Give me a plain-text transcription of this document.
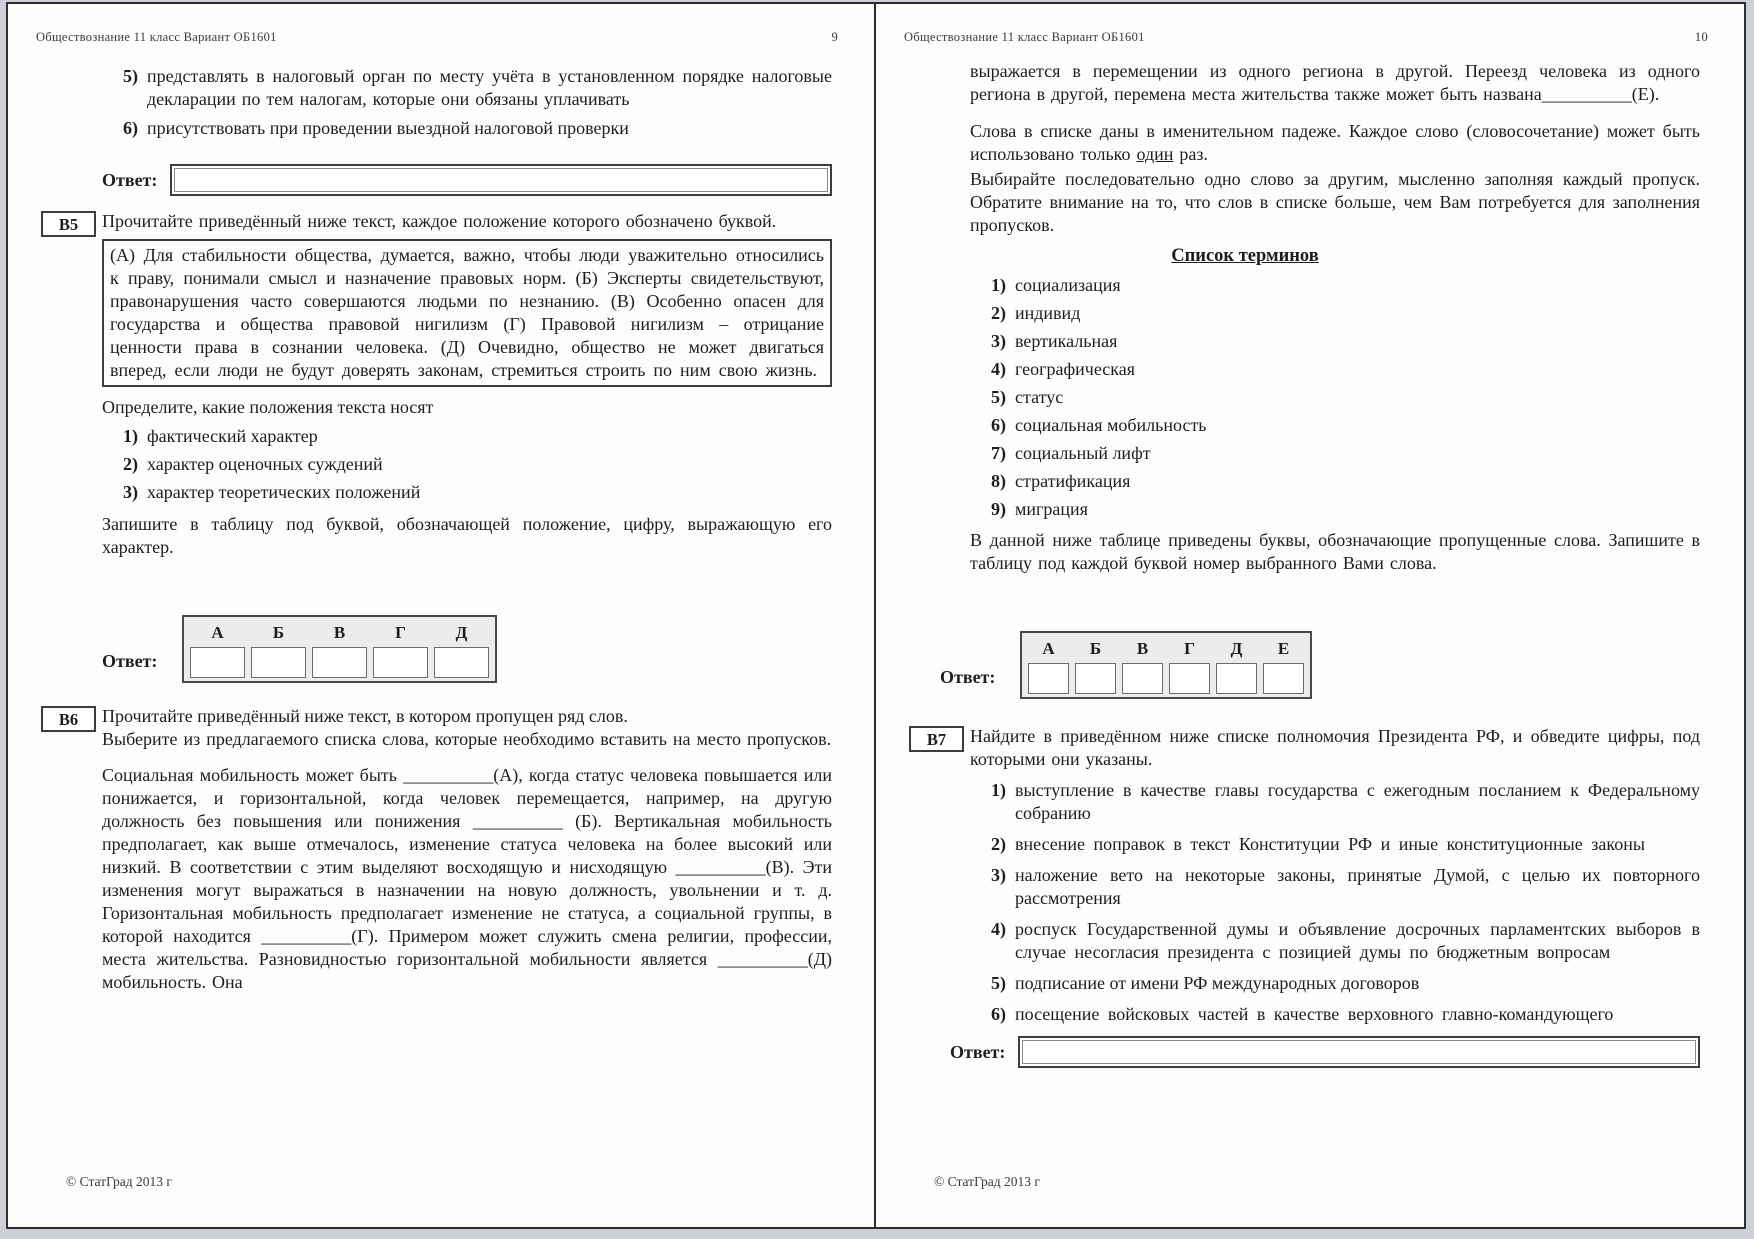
Обществознание 11 класс Вариант ОБ1601	9
5) представлять в налоговый орган по месту учёта в установленном порядке налоговые декларации по тем налогам, которые они обязаны уплачивать
6) присутствовать при проведении выездной налоговой проверки
Ответ:
В5	Прочитайте приведённый ниже текст, каждое положение которого обозначено буквой.
(А) Для стабильности общества, думается, важно, чтобы люди уважительно относились к праву, понимали смысл и назначение правовых норм. (Б) Эксперты свидетельствуют, правонарушения часто совершаются людьми по незнанию. (В) Особенно опасен для государства и общества правовой нигилизм (Г) Правовой нигилизм – отрицание ценности права в сознании человека. (Д) Очевидно, общество не может двигаться вперед, если люди не будут доверять законам, стремиться строить по ним свою жизнь.
Определите, какие положения текста носят
1) фактический характер
2) характер оценочных суждений
3) характер теоретических положений
Запишите в таблицу под буквой, обозначающей положение, цифру, выражающую его характер.
Ответ:
А	Б	В	Г	Д
В6	Прочитайте приведённый ниже текст, в котором пропущен ряд слов.
Выберите из предлагаемого списка слова, которые необходимо вставить на место пропусков.
Социальная мобильность может быть __________(А), когда статус человека повышается или понижается, и горизонтальной, когда человек перемещается, например, на другую должность без повышения или понижения __________ (Б). Вертикальная мобильность предполагает, как выше отмечалось, изменение статуса человека на более высокий или низкий. В соответствии с этим выделяют восходящую и нисходящую __________(В). Эти изменения могут выражаться в назначении на новую должность, увольнении и т. д. Горизонтальная мобильность предполагает изменение не статуса, а социальной группы, в которой находится __________(Г). Примером может служить смена религии, профессии, места жительства. Разновидностью горизонтальной мобильности является __________(Д) мобильность. Она
© СтатГрад 2013 г
Обществознание 11 класс Вариант ОБ1601	10
выражается в перемещении из одного региона в другой. Переезд человека из одного региона в другой, перемена места жительства также может быть названа__________(Е).
Слова в списке даны в именительном падеже. Каждое слово (словосочетание) может быть использовано только один раз.
Выбирайте последовательно одно слово за другим, мысленно заполняя каждый пропуск. Обратите внимание на то, что слов в списке больше, чем Вам потребуется для заполнения пропусков.
Список терминов
1) социализация
2) индивид
3) вертикальная
4) географическая
5) статус
6) социальная мобильность
7) социальный лифт
8) стратификация
9) миграция
В данной ниже таблице приведены буквы, обозначающие пропущенные слова. Запишите в таблицу под каждой буквой номер выбранного Вами слова.
Ответ:
А	Б	В	Г	Д	Е
В7	Найдите в приведённом ниже списке полномочия Президента РФ, и обведите цифры, под которыми они указаны.
1) выступление в качестве главы государства с ежегодным посланием к Федеральному собранию
2) внесение поправок в текст Конституции РФ и иные конституционные законы
3) наложение вето на некоторые законы, принятые Думой, с целью их повторного рассмотрения
4) роспуск Государственной думы и объявление досрочных парламентских выборов в случае несогласия президента с позицией думы по бюджетным вопросам
5) подписание от имени РФ международных договоров
6) посещение войсковых частей в качестве верховного главно-командующего
Ответ:
© СтатГрад 2013 г
